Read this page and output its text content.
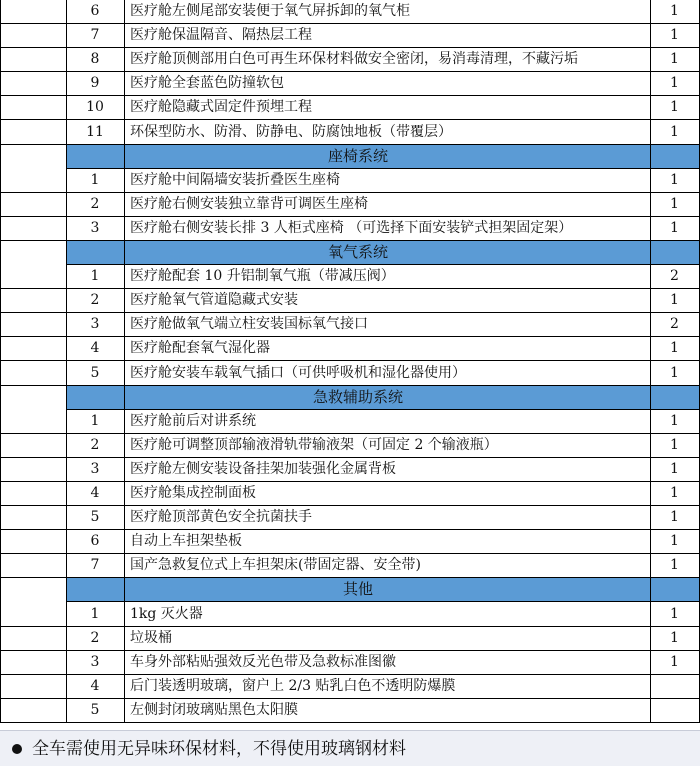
6	医疗舱左侧尾部安装便于氧气屏拆卸的氧气柜	1
7	医疗舱保温隔音、隔热层工程	1
8	医疗舱顶侧部用白色可再生环保材料做安全密闭，易消毒清理，不藏污垢	1
9	医疗舱全套蓝色防撞软包	1
10	医疗舱隐藏式固定件预埋工程	1
11	环保型防水、防滑、防静电、防腐蚀地板（带覆层）	1
座椅系统
1	医疗舱中间隔墙安装折叠医生座椅	1
2	医疗舱右侧安装独立靠背可调医生座椅	1
3	医疗舱右侧安装长排 3 人柜式座椅 （可选择下面安装铲式担架固定架）	1
氧气系统
1	医疗舱配套 10 升铝制氧气瓶（带减压阀）	2
2	医疗舱氧气管道隐藏式安装	1
3	医疗舱做氧气端立柱安装国标氧气接口	2
4	医疗舱配套氧气湿化器	1
5	医疗舱安装车载氧气插口（可供呼吸机和湿化器使用）	1
急救辅助系统
1	医疗舱前后对讲系统	1
2	医疗舱可调整顶部输液滑轨带输液架（可固定 2 个输液瓶）	1
3	医疗舱左侧安装设备挂架加装强化金属背板	1
4	医疗舱集成控制面板	1
5	医疗舱顶部黄色安全抗菌扶手	1
6	自动上车担架垫板	1
7	国产急救复位式上车担架床(带固定器、安全带)	1
其他
1	1kg 灭火器	1
2	垃圾桶	1
3	车身外部粘贴强效反光色带及急救标准图徽	1
4	后门装透明玻璃，窗户上 2/3 贴乳白色不透明防爆膜
5	左侧封闭玻璃贴黑色太阳膜
全车需使用无异味环保材料，不得使用玻璃钢材料
